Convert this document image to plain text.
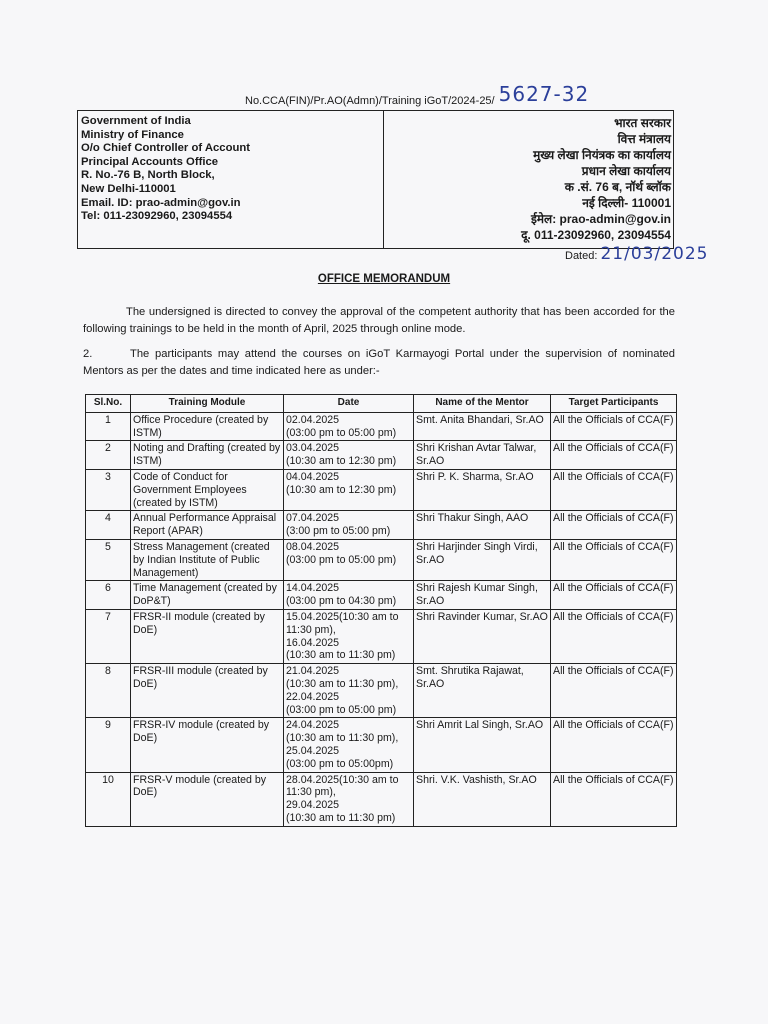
No.CCA(FIN)/Pr.AO(Admn)/Training iGoT/2024-25/ 5627-32
Government of India
Ministry of Finance
O/o Chief Controller of Account
Principal Accounts Office
R. No.-76 B, North Block,
New Delhi-110001
Email. ID: prao-admin@gov.in
Tel: 011-23092960, 23094554
भारत सरकार
वित्त मंत्रालय
मुख्य लेखा नियंत्रक का कार्यालय
प्रधान लेखा कार्यालय
क .सं. 76 ब, नॉर्थ ब्लॉक
नई दिल्ली- 110001
ईमेल: prao-admin@gov.in
दू. 011-23092960, 23094554
Dated: 21/03/2025
OFFICE MEMORANDUM
The undersigned is directed to convey the approval of the competent authority that has been accorded for the following trainings to be held in the month of April, 2025 through online mode.
2.	The participants may attend the courses on iGoT Karmayogi Portal under the supervision of nominated Mentors as per the dates and time indicated here as under:-
Sl.No.	Training Module	Date	Name of the Mentor	Target Participants
1	Office Procedure (created by ISTM)	02.04.2025
(03:00 pm to 05:00 pm)	Smt. Anita Bhandari, Sr.AO	All the Officials of CCA(F)
2	Noting and Drafting (created by ISTM)	03.04.2025
(10:30 am to 12:30 pm)	Shri Krishan Avtar Talwar, Sr.AO	All the Officials of CCA(F)
3	Code of Conduct for Government Employees (created by ISTM)	04.04.2025
(10:30 am to 12:30 pm)	Shri P. K. Sharma, Sr.AO	All the Officials of CCA(F)
4	Annual Performance Appraisal Report (APAR)	07.04.2025
(3:00 pm to 05:00 pm)	Shri Thakur Singh, AAO	All the Officials of CCA(F)
5	Stress Management (created by Indian Institute of Public Management)	08.04.2025
(03:00 pm to 05:00 pm)	Shri Harjinder Singh Virdi, Sr.AO	All the Officials of CCA(F)
6	Time Management (created by DoP&T)	14.04.2025
(03:00 pm to 04:30 pm)	Shri Rajesh Kumar Singh, Sr.AO	All the Officials of CCA(F)
7	FRSR-II module (created by DoE)	15.04.2025(10:30 am to 11:30 pm),
16.04.2025
(10:30 am to 11:30 pm)	Shri Ravinder Kumar, Sr.AO	All the Officials of CCA(F)
8	FRSR-III module (created by DoE)	21.04.2025
(10:30 am to 11:30 pm),
22.04.2025
(03:00 pm to 05:00 pm)	Smt. Shrutika Rajawat, Sr.AO	All the Officials of CCA(F)
9	FRSR-IV module (created by DoE)	24.04.2025
(10:30 am to 11:30 pm),
25.04.2025
(03:00 pm to 05:00pm)	Shri Amrit Lal Singh, Sr.AO	All the Officials of CCA(F)
10	FRSR-V module (created by DoE)	28.04.2025(10:30 am to 11:30 pm),
29.04.2025
(10:30 am to 11:30 pm)	Shri. V.K. Vashisth, Sr.AO	All the Officials of CCA(F)
